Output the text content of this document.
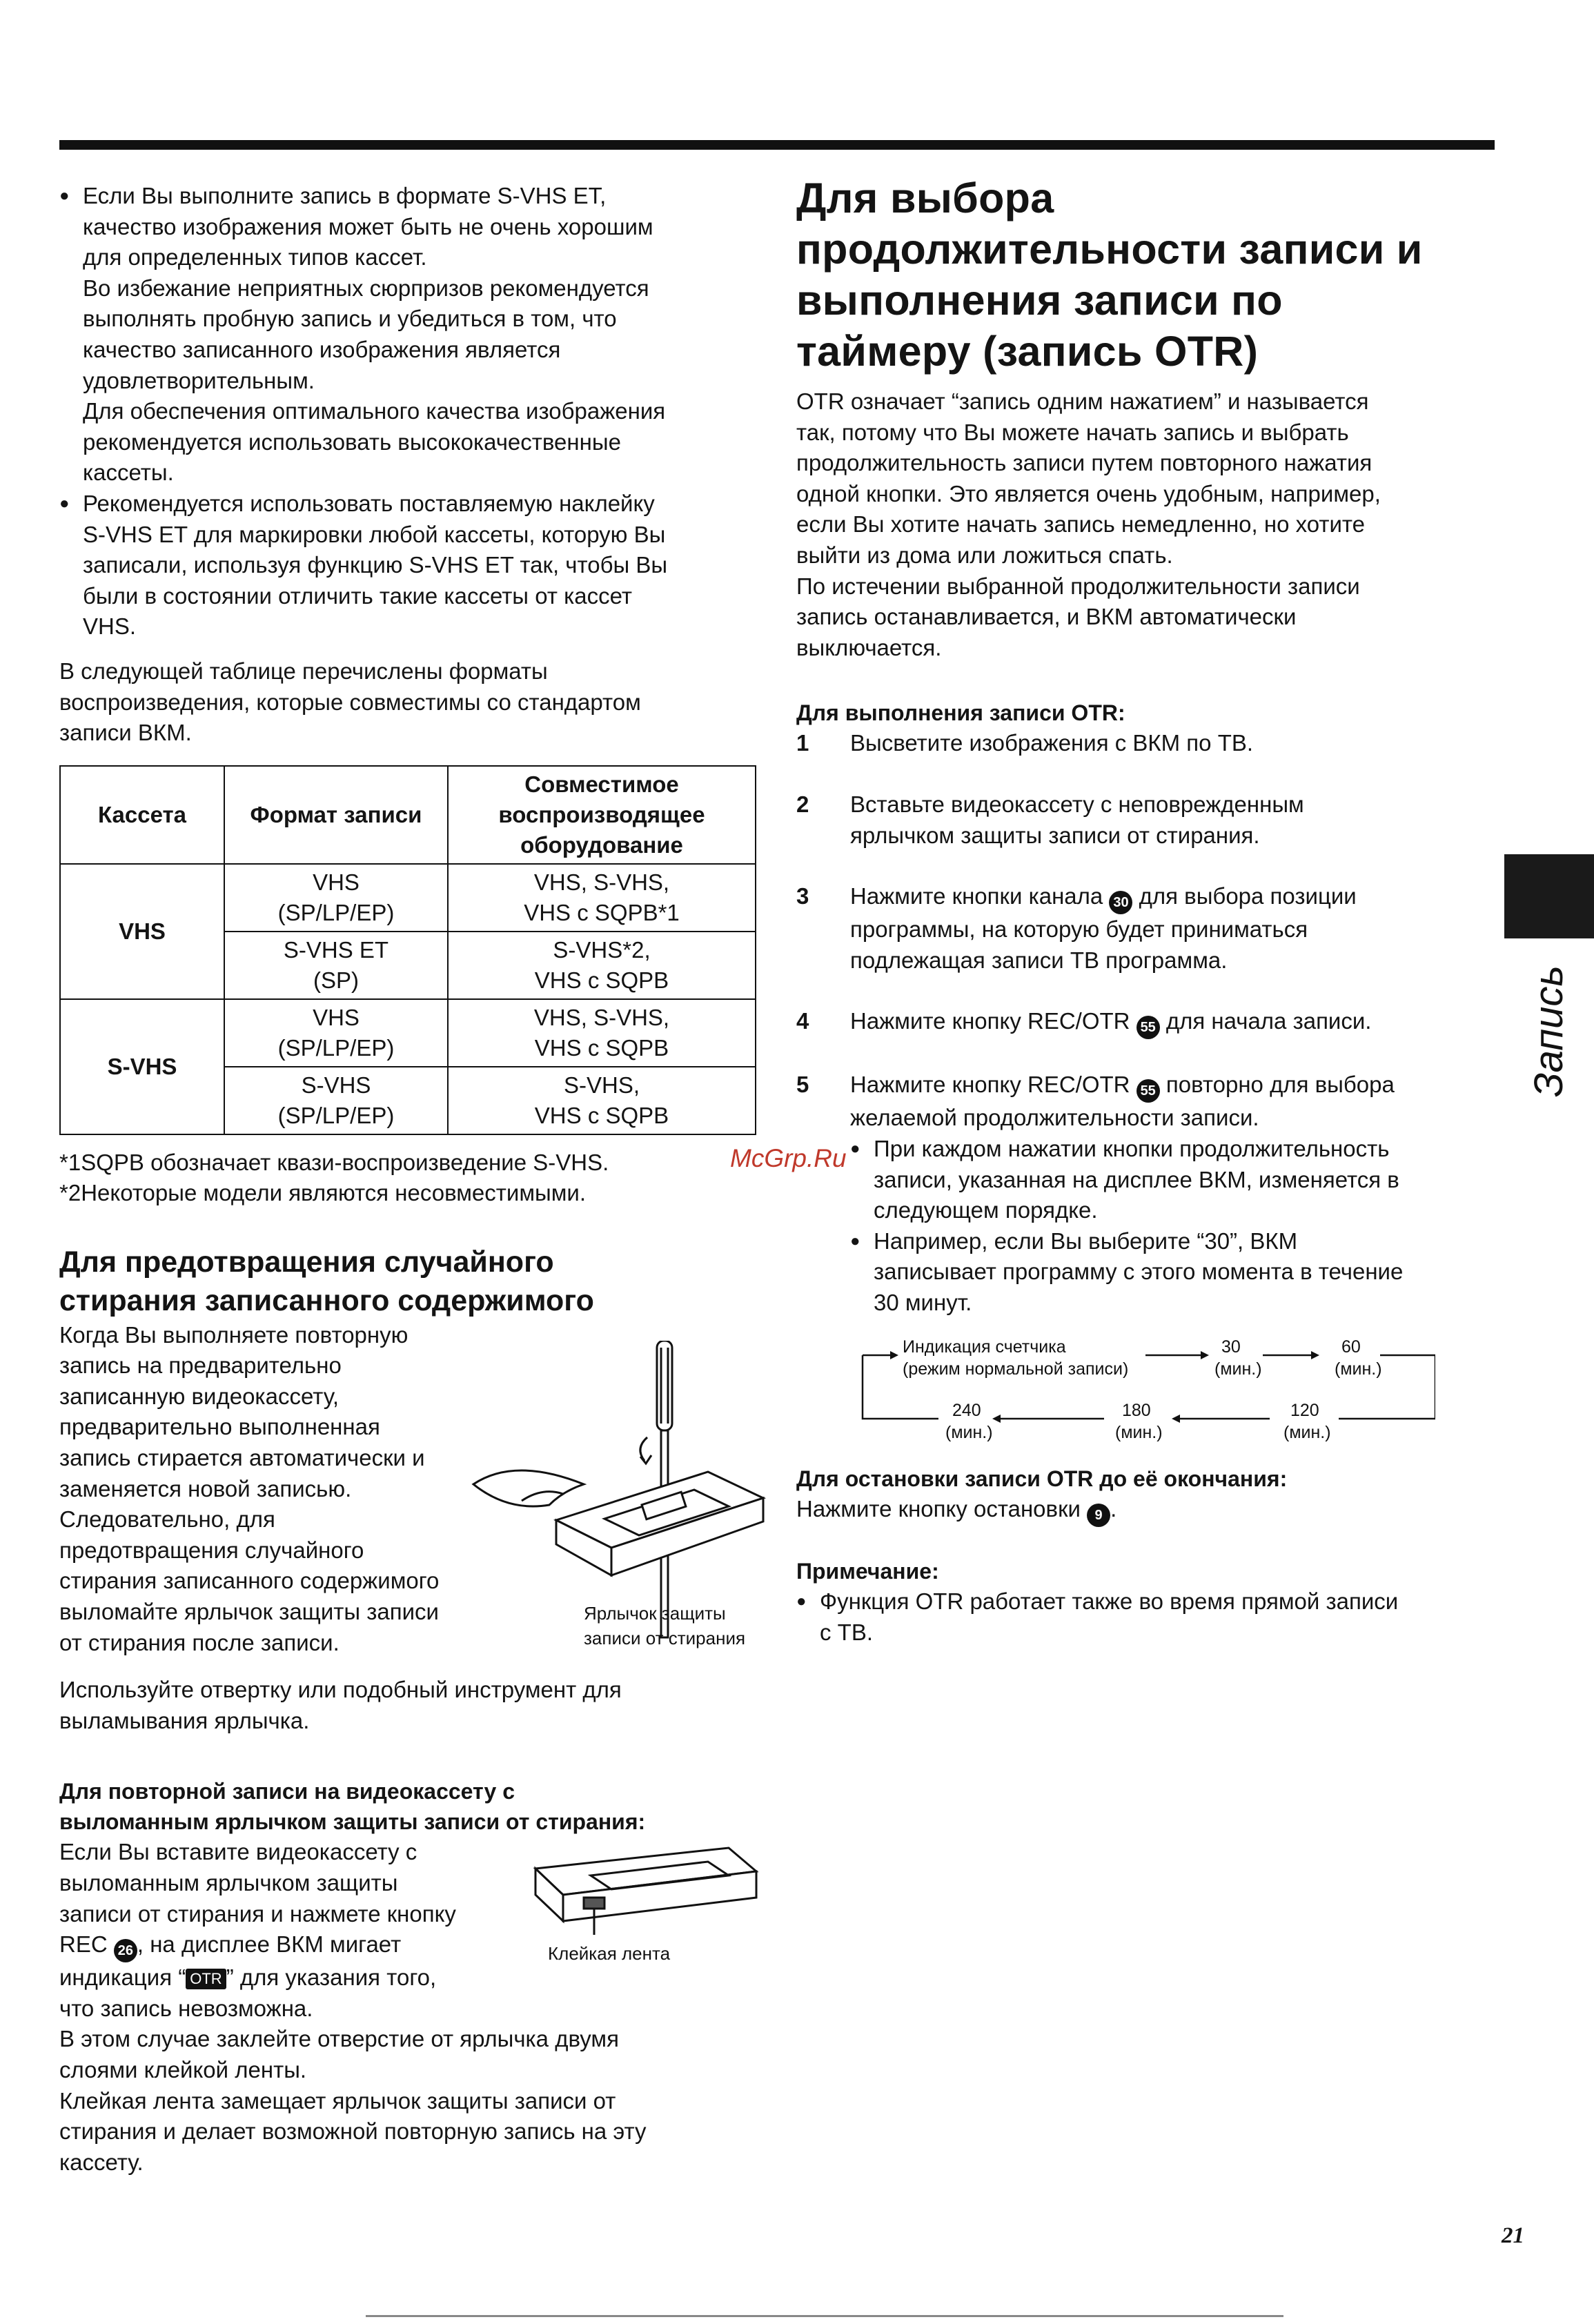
● Если Вы выполните запись в формате S-VHS ET,
качество изображения может быть не очень хорошим
для определенных типов кассет.
Во избежание неприятных сюрпризов рекомендуется
выполнять пробную запись и убедиться в том, что
качество записанного изображения является
удовлетворительным.
Для обеспечения оптимального качества изображения
рекомендуется использовать высококачественные
кассеты.
● Рекомендуется использовать поставляемую наклейку
S-VHS ET для маркировки любой кассеты, которую Вы
записали, используя функцию S-VHS ET так, чтобы Вы
были в состоянии отличить такие кассеты от кассет
VHS.

В следующей таблице перечислены форматы
воспроизведения, которые совместимы со стандартом
записи ВКМ.

Кассета	Формат записи	Совместимое
воспроизводящее
оборудование
VHS	VHS
(SP/LP/EP)	VHS, S-VHS,
VHS с SQPB*1
	S-VHS ET
(SP)	S-VHS*2,
VHS с SQPB
S-VHS	VHS
(SP/LP/EP)	VHS, S-VHS,
VHS с SQPB
	S-VHS
(SP/LP/EP)	S-VHS,
VHS с SQPB
*1SQPB обозначает квази-воспроизведение S-VHS.
*2Некоторые модели являются несовместимыми.
Для предотвращения случайного
стирания записанного содержимого

Когда Вы выполняете повторную
запись на предварительно
записанную видеокассету,
предварительно выполненная
запись стирается автоматически и
заменяется новой записью.
Следовательно, для
предотвращения случайного
стирания записанного содержимого
выломайте ярлычок защиты записи
от стирания после записи.

Ярлычок защиты
записи от стирания

Используйте отвертку или подобный инструмент для
выламывания ярлычка.

Для повторной записи на видеокассету с
выломанным ярлычком защиты записи от стирания:

Если Вы вставите видеокассету с
выломанным ярлычком защиты
записи от стирания и нажмете кнопку
REC 26 , на дисплее ВКМ мигает
индикация “ OTR ” для указания того,
что запись невозможна.
В этом случае заклейте отверстие от ярлычка двумя
слоями клейкой ленты.
Клейкая лента замещает ярлычок защиты записи от
стирания и делает возможной повторную запись на эту
кассету.

Клейкая лента
Для выбора
продолжительности записи и
выполнения записи по
таймеру (запись OTR)

OTR означает “запись одним нажатием” и называется
так, потому что Вы можете начать запись и выбрать
продолжительность записи путем повторного нажатия
одной кнопки. Это является очень удобным, например,
если Вы хотите начать запись немедленно, но хотите
выйти из дома или ложиться спать.
По истечении выбранной продолжительности записи
запись останавливается, и ВКМ автоматически
выключается.

Для выполнения записи OTR:
1 Высветите изображения с ВКМ по ТВ.
2 Вставьте видеокассету с неповрежденным
ярлычком защиты записи от стирания.
3 Нажмите кнопки канала 30 для выбора позиции
программы, на которую будет приниматься
подлежащая записи ТВ программа.
4 Нажмите кнопку REC/OTR 55 для начала записи.
5 Нажмите кнопку REC/OTR 55 повторно для выбора
желаемой продолжительности записи.
● При каждом нажатии кнопки продолжительность
записи, указанная на дисплее ВКМ, изменяется в
следующем порядке.
● Например, если Вы выберите “30”, ВКМ
записывает программу с этого момента в течение
30 минут.
Индикация счетчика
(режим нормальной записи)
30
(мин.)
60
(мин.)
240
(мин.)
180
(мин.)
120
(мин.)
Для остановки записи OTR до её окончания:

Нажмите кнопку остановки 9 .

Примечание:
● Функция OTR работает также во время прямой записи
с ТВ.
Запись
McGrp.Ru
21
